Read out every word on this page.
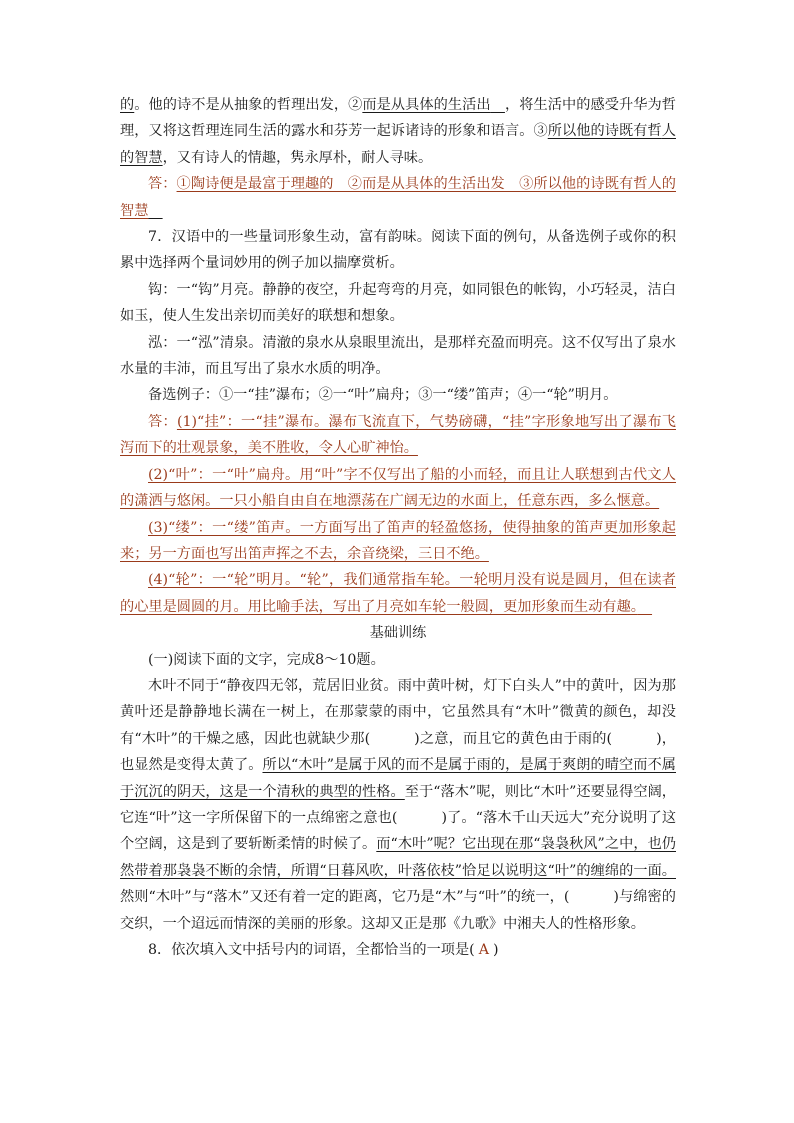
的。他的诗不是从抽象的哲理出发，②而是从具体的生活出　 ，将生活中的感受升华为哲理，又将这哲理连同生活的露水和芬芳一起诉诸诗的形象和语言。③所以他的诗既有哲人的智慧，又有诗人的情趣，隽永厚朴，耐人寻味。

答：①陶诗便是最富于理趣的　②而是从具体的生活出发　③所以他的诗既有哲人的智慧　

7．汉语中的一些量词形象生动，富有韵味。阅读下面的例句，从备选例子或你的积累中选择两个量词妙用的例子加以揣摩赏析。

钩：一“钩”月亮。静静的夜空，升起弯弯的月亮，如同银色的帐钩，小巧轻灵，洁白如玉，使人生发出亲切而美好的联想和想象。

泓：一“泓”清泉。清澈的泉水从泉眼里流出，是那样充盈而明亮。这不仅写出了泉水水量的丰沛，而且写出了泉水水质的明净。

备选例子：①一“挂”瀑布；②一“叶”扁舟；③一“缕”笛声；④一“轮”明月。

答：(1)“挂”：一“挂”瀑布。瀑布飞流直下，气势磅礴，“挂”字形象地写出了瀑布飞泻而下的壮观景象，美不胜收，令人心旷神怡。

(2)“叶”：一“叶”扁舟。用“叶”字不仅写出了船的小而轻，而且让人联想到古代文人的潇洒与悠闲。一只小船自由自在地漂荡在广阔无边的水面上，任意东西，多么惬意。

(3)“缕”：一“缕”笛声。一方面写出了笛声的轻盈悠扬，使得抽象的笛声更加形象起来；另一方面也写出笛声挥之不去，余音绕梁，三日不绝。

(4)“轮”：一“轮”明月。“轮”，我们通常指车轮。一轮明月没有说是圆月，但在读者的心里是圆圆的月。用比喻手法，写出了月亮如车轮一般圆，更加形象而生动有趣。　

基础训练

(一)阅读下面的文字，完成8～10题。

木叶不同于“静夜四无邻，荒居旧业贫。雨中黄叶树，灯下白头人”中的黄叶，因为那黄叶还是静静地长满在一树上，在那蒙蒙的雨中，它虽然具有“木叶”微黄的颜色，却没有“木叶”的干燥之感，因此也就缺少那(	)之意，而且它的黄色由于雨的(	)，也显然是变得太黄了。所以“木叶”是属于风的而不是属于雨的，是属于爽朗的晴空而不属于沉沉的阴天，这是一个清秋的典型的性格。至于“落木”呢，则比“木叶”还要显得空阔，它连“叶”这一字所保留下的一点绵密之意也(	)了。“落木千山天远大”充分说明了这个空阔，这是到了要斩断柔情的时候了。而“木叶”呢？它出现在那“袅袅秋风”之中，也仍然带着那袅袅不断的余情，所谓“日暮风吹，叶落依枝”恰足以说明这“叶”的缠绵的一面。然则“木叶”与“落木”又还有着一定的距离，它乃是“木”与“叶”的统一，(	)与绵密的交织，一个迢远而情深的美丽的形象。这却又正是那《九歌》中湘夫人的性格形象。

8．依次填入文中括号内的词语，全都恰当的一项是( A )
